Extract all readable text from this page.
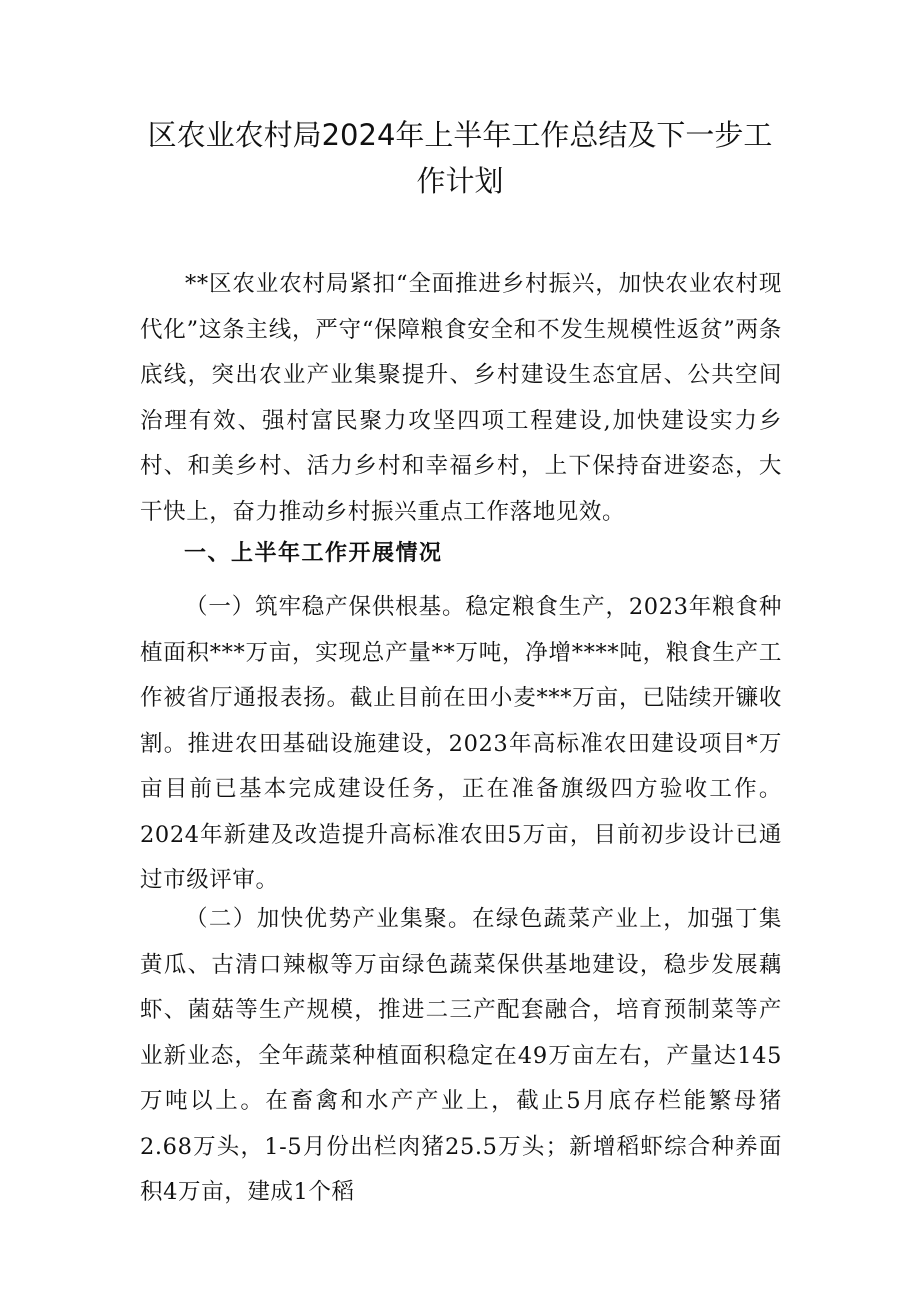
区农业农村局2024年上半年工作总结及下一步工作计划

**区农业农村局紧扣“全面推进乡村振兴，加快农业农村现代化”这条主线，严守“保障粮食安全和不发生规模性返贫”两条底线，突出农业产业集聚提升、乡村建设生态宜居、公共空间治理有效、强村富民聚力攻坚四项工程建设,加快建设实力乡村、和美乡村、活力乡村和幸福乡村，上下保持奋进姿态，大干快上，奋力推动乡村振兴重点工作落地见效。

一、上半年工作开展情况

（一）筑牢稳产保供根基。稳定粮食生产，2023年粮食种植面积***万亩，实现总产量**万吨，净增****吨，粮食生产工作被省厅通报表扬。截止目前在田小麦***万亩，已陆续开镰收割。推进农田基础设施建设，2023年高标准农田建设项目*万亩目前已基本完成建设任务，正在准备旗级四方验收工作。2024年新建及改造提升高标准农田5万亩，目前初步设计已通过市级评审。

（二）加快优势产业集聚。在绿色蔬菜产业上，加强丁集黄瓜、古清口辣椒等万亩绿色蔬菜保供基地建设，稳步发展藕虾、菌菇等生产规模，推进二三产配套融合，培育预制菜等产业新业态，全年蔬菜种植面积稳定在49万亩左右，产量达145万吨以上。在畜禽和水产产业上，截止5月底存栏能繁母猪2.68万头，1-5月份出栏肉猪25.5万头；新增稻虾综合种养面积4万亩，建成1个稻
